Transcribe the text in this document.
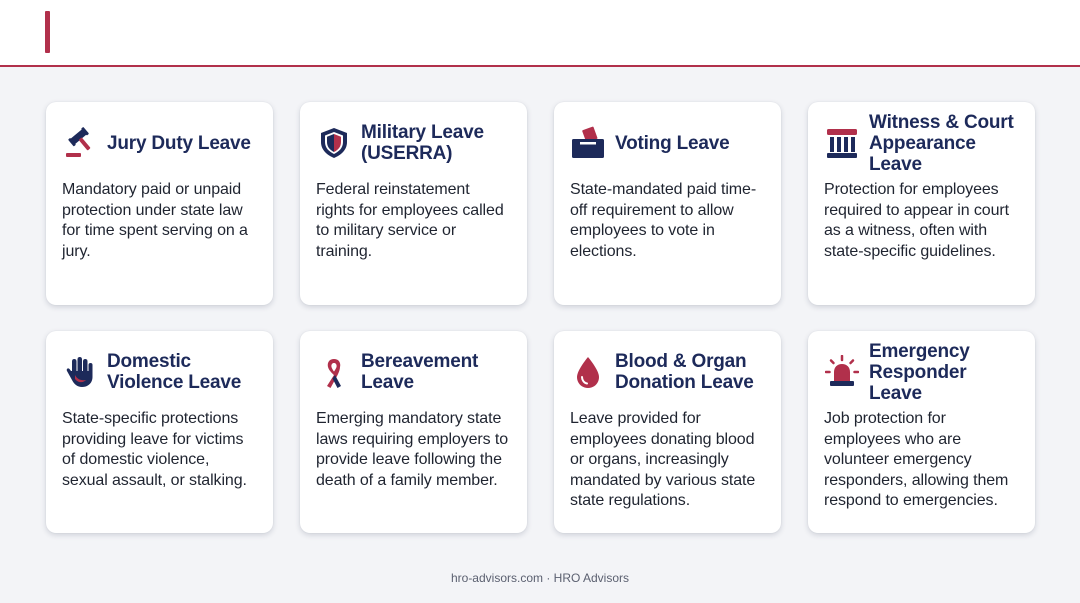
Jury Duty Leave
Mandatory paid or unpaid protection under state law for time spent serving on a jury.
Military Leave (USERRA)
Federal reinstatement rights for employees called to military service or training.
Voting Leave
State-mandated paid time-off requirement to allow employees to vote in elections.
Witness & Court Appearance Leave
Protection for employees required to appear in court as a witness, often with state-specific guidelines.
Domestic Violence Leave
State-specific protections providing leave for victims of domestic violence, sexual assault, or stalking.
Bereavement Leave
Emerging mandatory state laws requiring employers to provide leave following the death of a family member.
Blood & Organ Donation Leave
Leave provided for employees donating blood or organs, increasingly mandated by various state state regulations.
Emergency Responder Leave
Job protection for employees who are volunteer emergency responders, allowing them respond to emergencies.
hro-advisors.com · HRO Advisors
